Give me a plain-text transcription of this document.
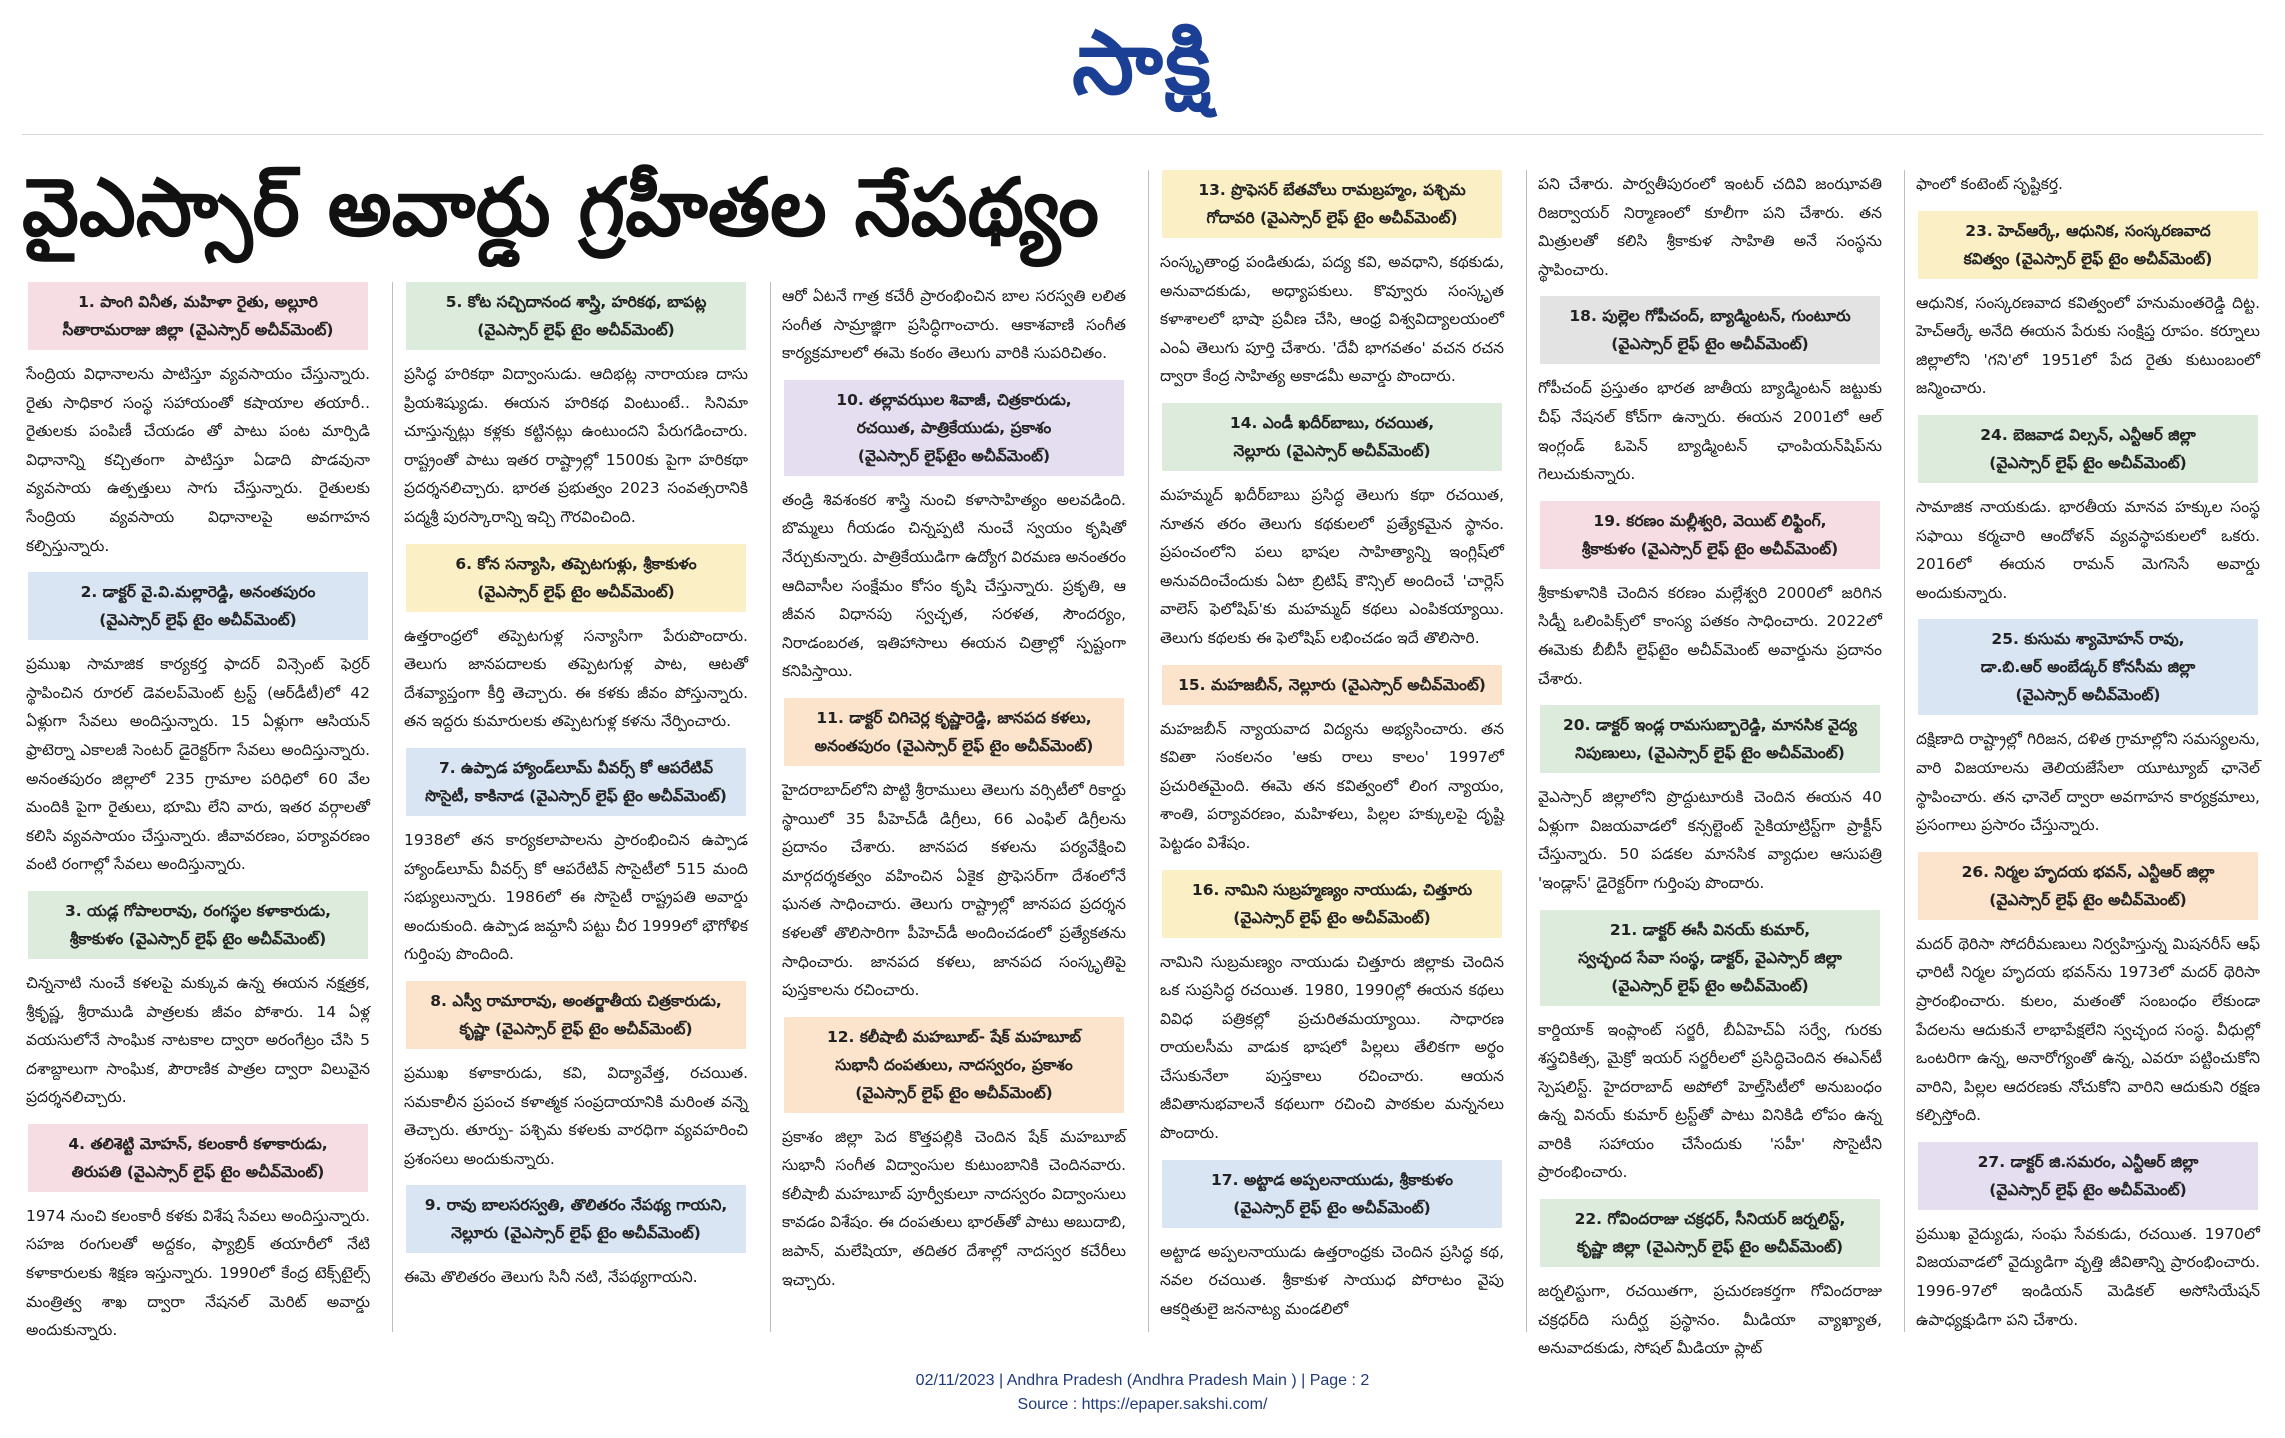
సాక్షి
వైఎస్సార్‌ అవార్డు గ్రహీతల నేపథ్యం
1. పాంగి వినీత, మహిళా రైతు, అల్లూరి
సీతారామరాజు జిల్లా (వైఎస్సార్‌ అచీవ్‌మెంట్‌)
సేంద్రియ విధానాలను పాటిస్తూ వ్యవసాయం చేస్తున్నారు. రైతు సాధికార సంస్థ సహాయంతో కషాయాల తయారీ.. రైతులకు పంపిణీ చేయడం తో పాటు పంట మార్పిడి విధానాన్ని కచ్చితంగా పాటిస్తూ ఏడాది పొడవునా వ్యవసాయ ఉత్పత్తులు సాగు చేస్తున్నారు. రైతులకు సేంద్రియ వ్యవసాయ విధానాలపై అవగాహన కల్పిస్తున్నారు.
2. డాక్టర్‌ వై.వి.మల్లారెడ్డి, అనంతపురం
(వైఎస్సార్‌ లైఫ్‌ టైం అచీవ్‌మెంట్‌)
ప్రముఖ సామాజిక కార్యకర్త ఫాదర్‌ విన్సెంట్‌ ఫెర్రర్‌ స్థాపించిన రూరల్‌ డెవలప్‌మెంట్‌ ట్రస్ట్‌ (ఆర్‌డీటీ)లో 42 ఏళ్లుగా సేవలు అందిస్తున్నారు. 15 ఏళ్లుగా ఆసియన్‌ ఫ్రాటెర్నా ఎకాలజీ సెంటర్‌ డైరెక్టర్‌గా సేవలు అందిస్తున్నారు. అనంతపురం జిల్లాలో 235 గ్రామాల పరిధిలో 60 వేల మందికి పైగా రైతులు, భూమి లేని వారు, ఇతర వర్గాలతో కలిసి వ్యవసాయం చేస్తున్నారు. జీవావరణం, పర్యావరణం వంటి రంగాల్లో సేవలు అందిస్తున్నారు.
3. యడ్ల గోపాలరావు, రంగస్థల కళాకారుడు,
శ్రీకాకుళం (వైఎస్సార్‌ లైఫ్‌ టైం అచీవ్‌మెంట్‌)
చిన్ననాటి నుంచే కళలపై మక్కువ ఉన్న ఈయన నక్షత్రక, శ్రీకృష్ణ, శ్రీరాముడి పాత్రలకు జీవం పోశారు. 14 ఏళ్ల వయసులోనే సాంఘిక నాటకాల ద్వారా అరంగేట్రం చేసి 5 దశాబ్దాలుగా సాంఘిక, పౌరాణిక పాత్రల ద్వారా విలువైన ప్రదర్శనలిచ్చారు.
4. తలిశెట్టి మోహన్‌, కలంకారీ కళాకారుడు,
తిరుపతి (వైఎస్సార్‌ లైఫ్‌ టైం అచీవ్‌మెంట్‌)
1974 నుంచి కలంకారీ కళకు విశేష సేవలు అందిస్తున్నారు. సహజ రంగులతో అద్దకం, ఫ్యాబ్రిక్‌ తయారీలో నేటి కళాకారులకు శిక్షణ ఇస్తున్నారు. 1990లో కేంద్ర టెక్స్‌టైల్స్‌ మంత్రిత్వ శాఖ ద్వారా నేషనల్‌ మెరిట్‌ అవార్డు అందుకున్నారు.
5. కోట సచ్చిదానంద శాస్త్రి, హరికథ, బాపట్ల
(వైఎస్సార్‌ లైఫ్‌ టైం అచీవ్‌మెంట్‌)
ప్రసిద్ధ హరికథా విద్వాంసుడు. ఆదిభట్ల నారాయణ దాసు ప్రియశిష్యుడు. ఈయన హరికథ వింటుంటే.. సినిమా చూస్తున్నట్లు కళ్లకు కట్టినట్లు ఉంటుందని పేరుగడించారు. రాష్ట్రంతో పాటు ఇతర రాష్ట్రాల్లో 1500కు పైగా హరికథా ప్రదర్శనలిచ్చారు. భారత ప్రభుత్వం 2023 సంవత్సరానికి పద్మశ్రీ పురస్కారాన్ని ఇచ్చి గౌరవించింది.
6. కోన సన్యాసి, తప్పెటగుళ్లు, శ్రీకాకుళం
(వైఎస్సార్‌ లైఫ్‌ టైం అచీవ్‌మెంట్‌)
ఉత్తరాంధ్రలో తప్పెటగుళ్ల సన్యాసిగా పేరుపొందారు. తెలుగు జానపదాలకు తప్పెటగుళ్ల పాట, ఆటతో దేశవ్యాప్తంగా కీర్తి తెచ్చారు. ఈ కళకు జీవం పోస్తున్నారు. తన ఇద్దరు కుమారులకు తప్పెటగుళ్ల కళను నేర్పించారు.
7. ఉప్పాడ హ్యాండ్‌లూమ్‌ వీవర్స్‌ కో ఆపరేటివ్‌
సొసైటీ, కాకినాడ (వైఎస్సార్‌ లైఫ్‌ టైం అచీవ్‌మెంట్‌)
1938లో తన కార్యకలాపాలను ప్రారంభించిన ఉప్పాడ హ్యాండ్‌లూమ్‌ వీవర్స్‌ కో ఆపరేటివ్‌ సొసైటీలో 515 మంది సభ్యులున్నారు. 1986లో ఈ సొసైటీ రాష్ట్రపతి అవార్డు అందుకుంది. ఉప్పాడ జమ్దానీ పట్టు చీర 1999లో భౌగోళిక గుర్తింపు పొందింది.
8. ఎస్వీ రామారావు, అంతర్జాతీయ చిత్రకారుడు,
కృష్ణా (వైఎస్సార్‌ లైఫ్‌ టైం అచీవ్‌మెంట్‌)
ప్రముఖ కళాకారుడు, కవి, విద్యావేత్త, రచయిత. సమకాలీన ప్రపంచ కళాత్మక సంప్రదాయానికి మరింత వన్నె తెచ్చారు. తూర్పు- పశ్చిమ కళలకు వారధిగా వ్యవహరించి ప్రశంసలు అందుకున్నారు.
9. రావు బాలసరస్వతి, తొలితరం నేపథ్య గాయని,
నెల్లూరు (వైఎస్సార్‌ లైఫ్‌ టైం అచీవ్‌మెంట్‌)
ఈమె తొలితరం తెలుగు సినీ నటి, నేపథ్యగాయని.
ఆరో ఏటనే గాత్ర కచేరీ ప్రారంభించిన బాల సరస్వతి లలిత సంగీత సామ్రాజ్ఞిగా ప్రసిద్ధిగాంచారు. ఆకాశవాణి సంగీత కార్యక్రమాలలో ఈమె కంఠం తెలుగు వారికి సుపరిచితం.
10. తల్లావఝుల శివాజీ, చిత్రకారుడు,
రచయిత, పాత్రికేయుడు, ప్రకాశం
(వైఎస్సార్‌ లైఫ్‌టైం అచీవ్‌మెంట్‌)
తండ్రి శివశంకర శాస్త్రి నుంచి కళాసాహిత్యం అలవడింది. బొమ్మలు గీయడం చిన్నప్పటి నుంచే స్వయం కృషితో నేర్చుకున్నారు. పాత్రికేయుడిగా ఉద్యోగ విరమణ అనంతరం ఆదివాసీల సంక్షేమం కోసం కృషి చేస్తున్నారు. ప్రకృతి, ఆ జీవన విధానపు స్వచ్ఛత, సరళత, సౌందర్యం, నిరాడంబరత, ఇతిహాసాలు ఈయన చిత్రాల్లో స్పష్టంగా కనిపిస్తాయి.
11. డాక్టర్‌ చిగిచెర్ల కృష్ణారెడ్డి, జానపద కళలు,
అనంతపురం (వైఎస్సార్‌ లైఫ్‌ టైం అచీవ్‌మెంట్‌)
హైదరాబాద్‌లోని పొట్టి శ్రీరాములు తెలుగు వర్సిటీలో రికార్డు స్థాయిలో 35 పీహెచ్‌డీ డిగ్రీలు, 66 ఎంఫిల్‌ డిగ్రీలను ప్రదానం చేశారు. జానపద కళలను పర్యవేక్షించి మార్గదర్శకత్వం వహించిన ఏకైక ప్రొఫెసర్‌గా దేశంలోనే ఘనత సాధించారు. తెలుగు రాష్ట్రాల్లో జానపద ప్రదర్శన కళలతో తొలిసారిగా పీహెచ్‌డీ అందించడంలో ప్రత్యేకతను సాధించారు. జానపద కళలు, జానపద సంస్కృతిపై పుస్తకాలను రచించారు.
12. కలీషాబీ మహబూబ్‌- షేక్‌ మహబూబ్‌
సుభానీ దంపతులు, నాదస్వరం, ప్రకాశం
(వైఎస్సార్‌ లైఫ్‌ టైం అచీవ్‌మెంట్‌)
ప్రకాశం జిల్లా పెద కొత్తపల్లికి చెందిన షేక్‌ మహబూబ్‌ సుభానీ సంగీత విద్వాంసుల కుటుంబానికి చెందినవారు. కలీషాబీ మహబూబ్‌ పూర్వీకులూ నాదస్వరం విద్వాంసులు కావడం విశేషం. ఈ దంపతులు భారత్‌తో పాటు అబుదాబి, జపాన్‌, మలేషియా, తదితర దేశాల్లో నాదస్వర కచేరీలు ఇచ్చారు.
13. ప్రొఫెసర్‌ బేతవోలు రామబ్రహ్మం, పశ్చిమ
గోదావరి (వైఎస్సార్‌ లైఫ్‌ టైం అచీవ్‌మెంట్‌)
సంస్కృతాంధ్ర పండితుడు, పద్య కవి, అవధాని, కథకుడు, అనువాదకుడు, అధ్యాపకులు. కొవ్వూరు సంస్కృత కళాశాలలో భాషా ప్రవీణ చేసి, ఆంధ్ర విశ్వవిద్యాలయంలో ఎంఏ తెలుగు పూర్తి చేశారు. 'దేవీ భాగవతం' వచన రచన ద్వారా కేంద్ర సాహిత్య అకాడమీ అవార్డు పొందారు.
14. ఎండీ ఖదీర్‌బాబు, రచయిత,
నెల్లూరు (వైఎస్సార్‌ అచీవ్‌మెంట్‌)
మహమ్మద్‌ ఖదీర్‌బాబు ప్రసిద్ధ తెలుగు కథా రచయిత, నూతన తరం తెలుగు కథకులలో ప్రత్యేకమైన స్థానం. ప్రపంచంలోని పలు భాషల సాహిత్యాన్ని ఇంగ్లిష్‌లో అనువదించేందుకు ఏటా బ్రిటిష్‌ కౌన్సిల్‌ అందించే 'చార్లెస్‌ వాలెస్‌ ఫెలోషిప్‌'కు మహమ్మద్‌ కథలు ఎంపికయ్యాయి. తెలుగు కథలకు ఈ ఫెలోషిప్‌ లభించడం ఇదే తొలిసారి.
15. మహజబీన్‌, నెల్లూరు (వైఎస్సార్‌ అచీవ్‌మెంట్‌)
మహజబీన్‌ న్యాయవాద విద్యను అభ్యసించారు. తన కవితా సంకలనం 'ఆకు రాలు కాలం' 1997లో ప్రచురితమైంది. ఈమె తన కవిత్వంలో లింగ న్యాయం, శాంతి, పర్యావరణం, మహిళలు, పిల్లల హక్కులపై దృష్టి పెట్టడం విశేషం.
16. నామిని సుబ్రహ్మణ్యం నాయుడు, చిత్తూరు
(వైఎస్సార్‌ లైఫ్‌ టైం అచీవ్‌మెంట్‌)
నామిని సుబ్రమణ్యం నాయుడు చిత్తూరు జిల్లాకు చెందిన ఒక సుప్రసిద్ధ రచయిత. 1980, 1990ల్లో ఈయన కథలు వివిధ పత్రికల్లో ప్రచురితమయ్యాయి. సాధారణ రాయలసీమ వాడుక భాషలో పిల్లలు తేలికగా అర్థం చేసుకునేలా పుస్తకాలు రచించారు. ఆయన జీవితానుభవాలనే కథలుగా రచించి పాఠకుల మన్ననలు పొందారు.
17. అట్టాడ అప్పలనాయుడు, శ్రీకాకుళం
(వైఎస్సార్‌ లైఫ్‌ టైం అచీవ్‌మెంట్‌)
అట్టాడ అప్పలనాయుడు ఉత్తరాంధ్రకు చెందిన ప్రసిద్ధ కథ, నవల రచయిత. శ్రీకాకుళ సాయుధ పోరాటం వైపు ఆకర్షితులై జననాట్య మండలిలో
పని చేశారు. పార్వతీపురంలో ఇంటర్‌ చదివి జంఝావతి రిజర్వాయర్‌ నిర్మాణంలో కూలీగా పని చేశారు. తన మిత్రులతో కలిసి శ్రీకాకుళ సాహితి అనే సంస్థను స్థాపించారు.
18. పుల్లెల గోపీచంద్‌, బ్యాడ్మింటన్‌, గుంటూరు
(వైఎస్సార్‌ లైఫ్‌ టైం అచీవ్‌మెంట్‌)
గోపీచంద్‌ ప్రస్తుతం భారత జాతీయ బ్యాడ్మింటన్‌ జట్టుకు చీఫ్‌ నేషనల్‌ కోచ్‌గా ఉన్నారు. ఈయన 2001లో ఆల్‌ ఇంగ్లండ్‌ ఓపెన్‌ బ్యాడ్మింటన్‌ ఛాంపియన్‌షిప్‌ను గెలుచుకున్నారు.
19. కరణం మల్లీశ్వరి, వెయిట్‌ లిఫ్టింగ్‌,
శ్రీకాకుళం (వైఎస్సార్‌ లైఫ్‌ టైం అచీవ్‌మెంట్‌)
శ్రీకాకుళానికి చెందిన కరణం మల్లేశ్వరి 2000లో జరిగిన సిడ్నీ ఒలింపిక్స్‌లో కాంస్య పతకం సాధించారు. 2022లో ఈమెకు బీబీసీ లైఫ్‌టైం అచీవ్‌మెంట్‌ అవార్డును ప్రదానం చేశారు.
20. డాక్టర్‌ ఇండ్ల రామసుబ్బారెడ్డి, మానసిక వైద్య
నిపుణులు, (వైఎస్సార్‌ లైఫ్‌ టైం అచీవ్‌మెంట్‌)
వైఎస్సార్‌ జిల్లాలోని ప్రొద్దుటూరుకి చెందిన ఈయన 40 ఏళ్లుగా విజయవాడలో కన్సల్టెంట్‌ సైకియాట్రిస్ట్‌గా ప్రాక్టీస్‌ చేస్తున్నారు. 50 పడకల మానసిక వ్యాధుల ఆసుపత్రి 'ఇండ్లాస్‌' డైరెక్టర్‌గా గుర్తింపు పొందారు.
21. డాక్టర్‌ ఈసీ వినయ్‌ కుమార్‌,
స్వచ్ఛంద సేవా సంస్థ, డాక్టర్‌, వైఎస్సార్‌ జిల్లా
(వైఎస్సార్‌ లైఫ్‌ టైం అచీవ్‌మెంట్‌)
కార్డియాక్‌ ఇంప్లాంట్‌ సర్జరీ, బీఏహెచ్‌ఏ సర్వే, గురకు శస్త్రచికిత్స, మైక్రో ఇయర్‌ సర్జరీలలో ప్రసిద్ధిచెందిన ఈఎన్‌టీ స్పెషలిస్ట్‌. హైదరాబాద్‌ అపోలో హెల్త్‌సిటీలో అనుబంధం ఉన్న వినయ్‌ కుమార్‌ ట్రస్ట్‌తో పాటు వినికిడి లోపం ఉన్న వారికి సహాయం చేసేందుకు 'సహీ' సొసైటీని ప్రారంభించారు.
22. గోవిందరాజు చక్రధర్‌, సీనియర్‌ జర్నలిస్ట్‌,
కృష్ణా జిల్లా (వైఎస్సార్‌ లైఫ్‌ టైం అచీవ్‌మెంట్‌)
జర్నలిస్టుగా, రచయితగా, ప్రచురణకర్తగా గోవిందరాజు చక్రధర్‌ది సుదీర్ఘ ప్రస్థానం. మీడియా వ్యాఖ్యాత, అనువాదకుడు, సోషల్‌ మీడియా ప్లాట్‌
ఫాంలో కంటెంట్‌ సృష్టికర్త.
23. హెచ్‌ఆర్కే, ఆధునిక, సంస్కరణవాద
కవిత్వం (వైఎస్సార్‌ లైఫ్‌ టైం అచీవ్‌మెంట్‌)
ఆధునిక, సంస్కరణవాద కవిత్వంలో హనుమంతరెడ్డి దిట్ట. హెచ్‌ఆర్కే అనేది ఈయన పేరుకు సంక్షిప్త రూపం. కర్నూలు జిల్లాలోని 'గని'లో 1951లో పేద రైతు కుటుంబంలో జన్మించారు.
24. బెజవాడ విల్సన్‌, ఎన్టీఆర్‌ జిల్లా
(వైఎస్సార్‌ లైఫ్‌ టైం అచీవ్‌మెంట్‌)
సామాజిక నాయకుడు. భారతీయ మానవ హక్కుల సంస్థ సఫాయి కర్మచారి ఆందోళన్‌ వ్యవస్థాపకులలో ఒకరు. 2016లో ఈయన రామన్‌ మెగసెసే అవార్డు అందుకున్నారు.
25. కుసుమ శ్యామోహన్‌ రావు,
డా.బి.ఆర్‌ అంబేడ్కర్‌ కోనసీమ జిల్లా
(వైఎస్సార్‌ అచీవ్‌మెంట్‌)
దక్షిణాది రాష్ట్రాల్లో గిరిజన, దళిత గ్రామాల్లోని సమస్యలను, వారి విజయాలను తెలియజేసేలా యూట్యూబ్‌ ఛానెల్‌ స్థాపించారు. తన ఛానెల్‌ ద్వారా అవగాహన కార్యక్రమాలు, ప్రసంగాలు ప్రసారం చేస్తున్నారు.
26. నిర్మల హృదయ భవన్‌, ఎన్టీఆర్‌ జిల్లా
(వైఎస్సార్‌ లైఫ్‌ టైం అచీవ్‌మెంట్‌)
మదర్‌ థెరిసా సోదరీమణులు నిర్వహిస్తున్న మిషనరీస్‌ ఆఫ్‌ ఛారిటీ నిర్మల హృదయ భవన్‌ను 1973లో మదర్‌ థెరిసా ప్రారంభించారు. కులం, మతంతో సంబంధం లేకుండా పేదలను ఆదుకునే లాభాపేక్షలేని స్వచ్ఛంద సంస్థ. వీధుల్లో ఒంటరిగా ఉన్న, అనారోగ్యంతో ఉన్న, ఎవరూ పట్టించుకోని వారిని, పిల్లల ఆదరణకు నోచుకోని వారిని ఆదుకుని రక్షణ కల్పిస్తోంది.
27. డాక్టర్‌ జి.సమరం, ఎన్టీఆర్‌ జిల్లా
(వైఎస్సార్‌ లైఫ్‌ టైం అచీవ్‌మెంట్‌)
ప్రముఖ వైద్యుడు, సంఘ సేవకుడు, రచయిత. 1970లో విజయవాడలో వైద్యుడిగా వృత్తి జీవితాన్ని ప్రారంభించారు. 1996-97లో ఇండియన్‌ మెడికల్‌ అసోసియేషన్‌ ఉపాధ్యక్షుడిగా పని చేశారు.
02/11/2023 | Andhra Pradesh (Andhra Pradesh Main ) | Page : 2
Source : https://epaper.sakshi.com/
